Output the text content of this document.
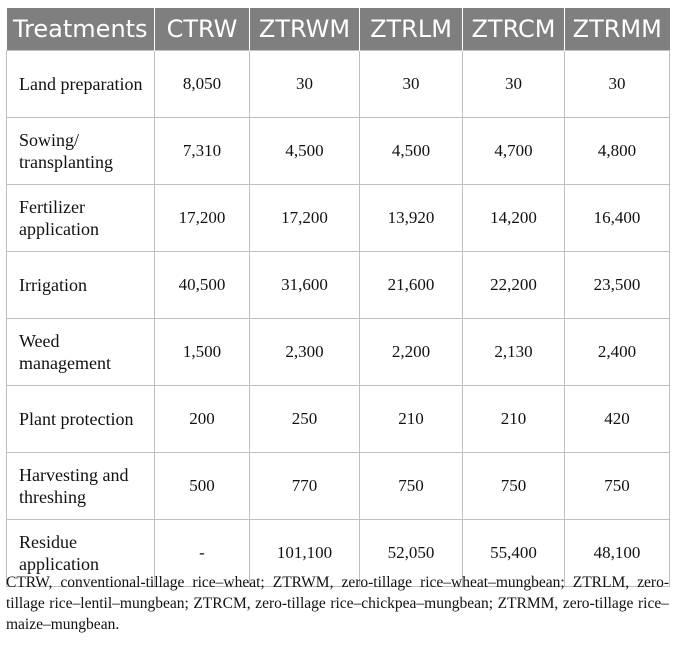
Treatments	CTRW	ZTRWM	ZTRLM	ZTRCM	ZTRMM
Land preparation	8,050	30	30	30	30
Sowing/ transplanting	7,310	4,500	4,500	4,700	4,800
Fertilizer application	17,200	17,200	13,920	14,200	16,400
Irrigation	40,500	31,600	21,600	22,200	23,500
Weed management	1,500	2,300	2,200	2,130	2,400
Plant protection	200	250	210	210	420
Harvesting and threshing	500	770	750	750	750
Residue application	-	101,100	52,050	55,400	48,100

CTRW, conventional-tillage rice–wheat; ZTRWM, zero-tillage rice–wheat–mungbean; ZTRLM, zero-tillage rice–lentil–mungbean; ZTRCM, zero-tillage rice–chickpea–mungbean; ZTRMM, zero-tillage rice–maize–mungbean.
